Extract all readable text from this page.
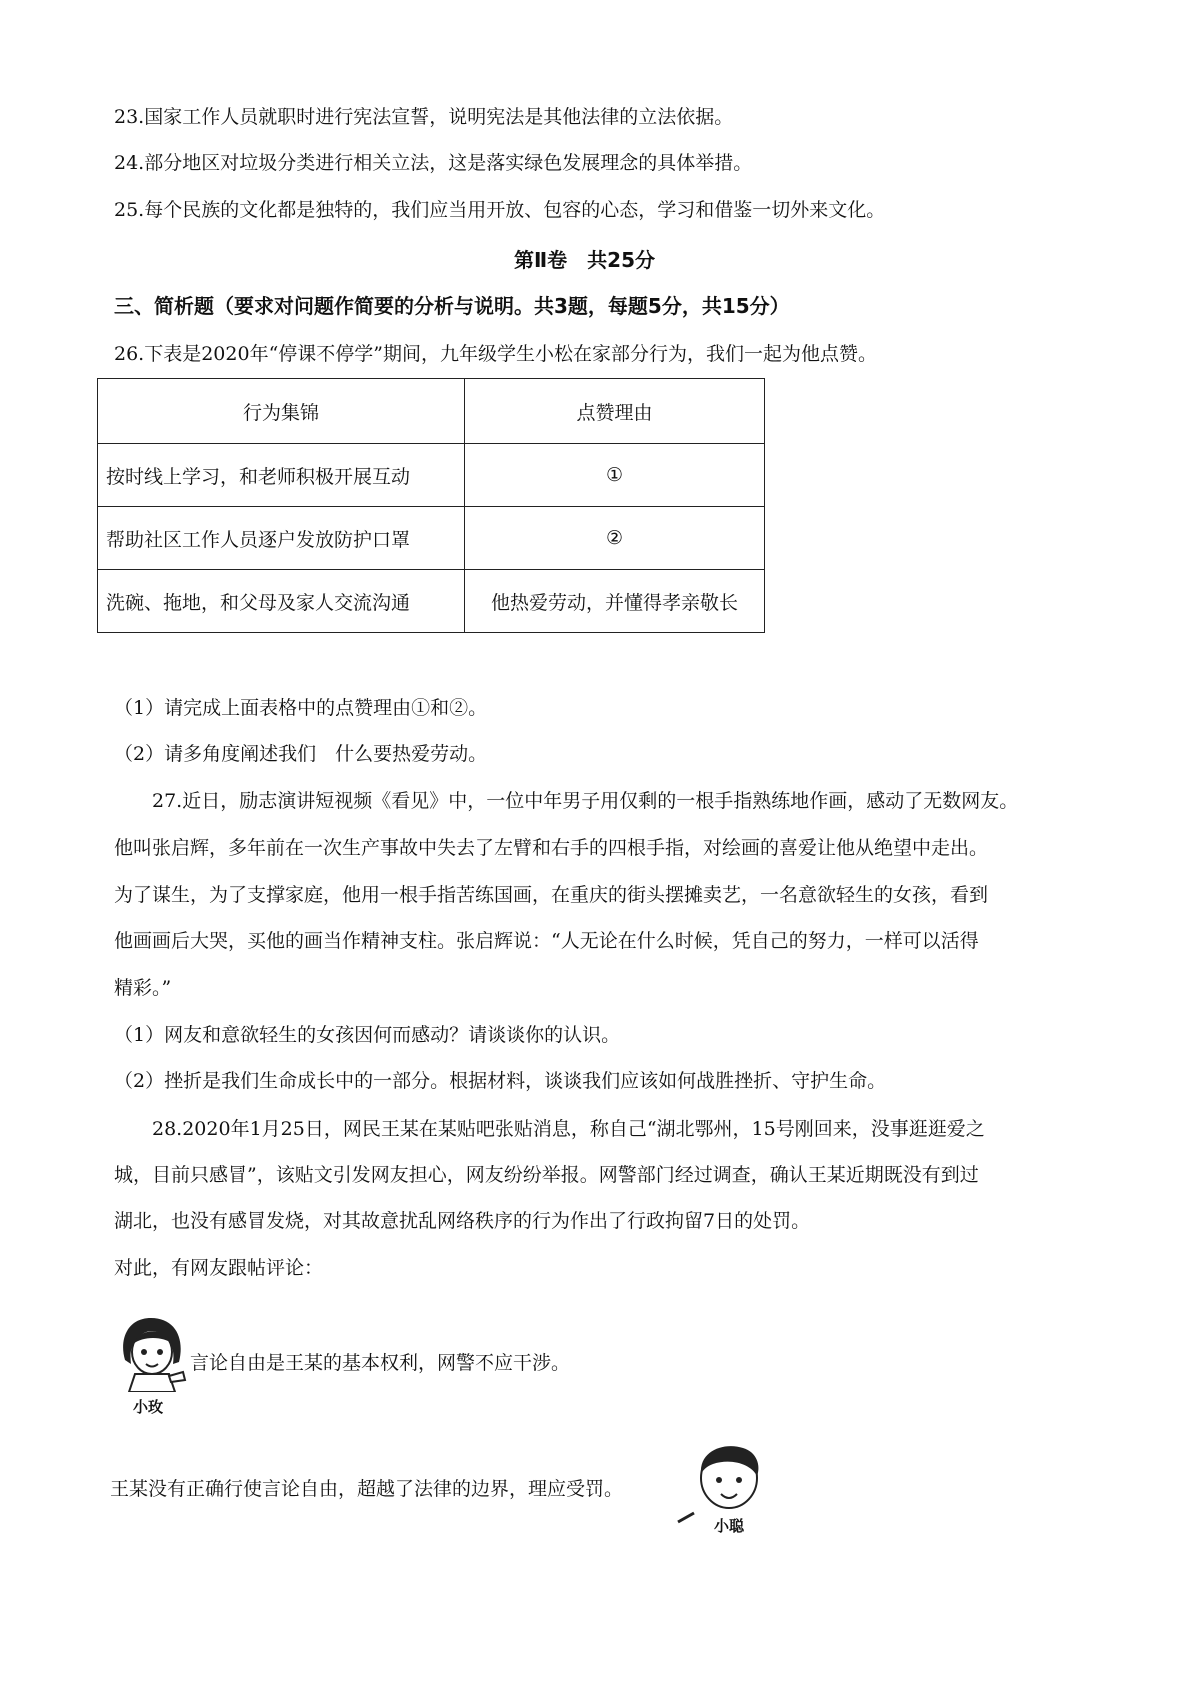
23.国家工作人员就职时进行宪法宣誓，说明宪法是其他法律的立法依据。
24.部分地区对垃圾分类进行相关立法，这是落实绿色发展理念的具体举措。
25.每个民族的文化都是独特的，我们应当用开放、包容的心态，学习和借鉴一切外来文化。
第Ⅱ卷　共25分
三、简析题（要求对问题作简要的分析与说明。共3题，每题5分，共15分）
26.下表是2020年“停课不停学”期间，九年级学生小松在家部分行为，我们一起为他点赞。
行为集锦	点赞理由
按时线上学习，和老师积极开展互动	①
帮助社区工作人员逐户发放防护口罩	②
洗碗、拖地，和父母及家人交流沟通	他热爱劳动，并懂得孝亲敬长
（1）请完成上面表格中的点赞理由①和②。
（2）请多角度阐述我们　什么要热爱劳动。
27.近日，励志演讲短视频《看见》中，一位中年男子用仅剩的一根手指熟练地作画，感动了无数网友。
他叫张启辉，多年前在一次生产事故中失去了左臂和右手的四根手指，对绘画的喜爱让他从绝望中走出。
为了谋生，为了支撑家庭，他用一根手指苦练国画，在重庆的街头摆摊卖艺，一名意欲轻生的女孩，看到
他画画后大哭，买他的画当作精神支柱。张启辉说：“人无论在什么时候，凭自己的努力，一样可以活得
精彩。”
（1）网友和意欲轻生的女孩因何而感动？请谈谈你的认识。
（2）挫折是我们生命成长中的一部分。根据材料，谈谈我们应该如何战胜挫折、守护生命。
28.2020年1月25日，网民王某在某贴吧张贴消息，称自己“湖北鄂州，15号刚回来，没事逛逛爱之
城，目前只感冒”，该贴文引发网友担心，网友纷纷举报。网警部门经过调查，确认王某近期既没有到过
湖北，也没有感冒发烧，对其故意扰乱网络秩序的行为作出了行政拘留7日的处罚。
对此，有网友跟帖评论：
小玫
言论自由是王某的基本权利，网警不应干涉。
王某没有正确行使言论自由，超越了法律的边界，理应受罚。
小聪
